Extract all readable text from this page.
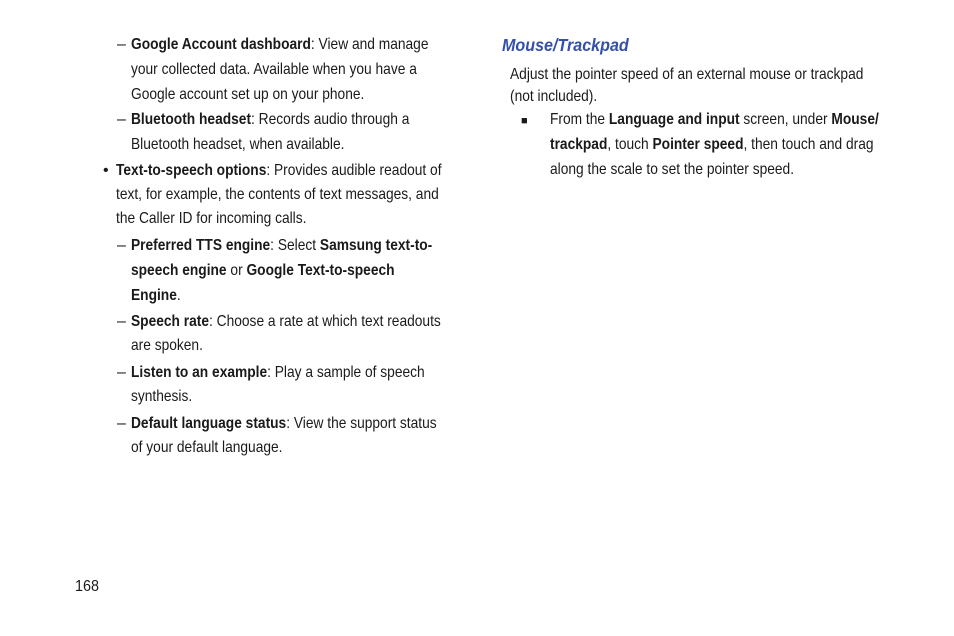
– Google Account dashboard: View and manage
your collected data. Available when you have a
Google account set up on your phone.
– Bluetooth headset: Records audio through a
Bluetooth headset, when available.
• Text-to-speech options: Provides audible readout of
text, for example, the contents of text messages, and
the Caller ID for incoming calls.
– Preferred TTS engine: Select Samsung text-to-
speech engine or Google Text-to-speech
Engine.
– Speech rate: Choose a rate at which text readouts
are spoken.
– Listen to an example: Play a sample of speech
synthesis.
– Default language status: View the support status
of your default language.
Mouse/Trackpad
Adjust the pointer speed of an external mouse or trackpad
(not included).
■ From the Language and input screen, under Mouse/
trackpad, touch Pointer speed, then touch and drag
along the scale to set the pointer speed.
168
